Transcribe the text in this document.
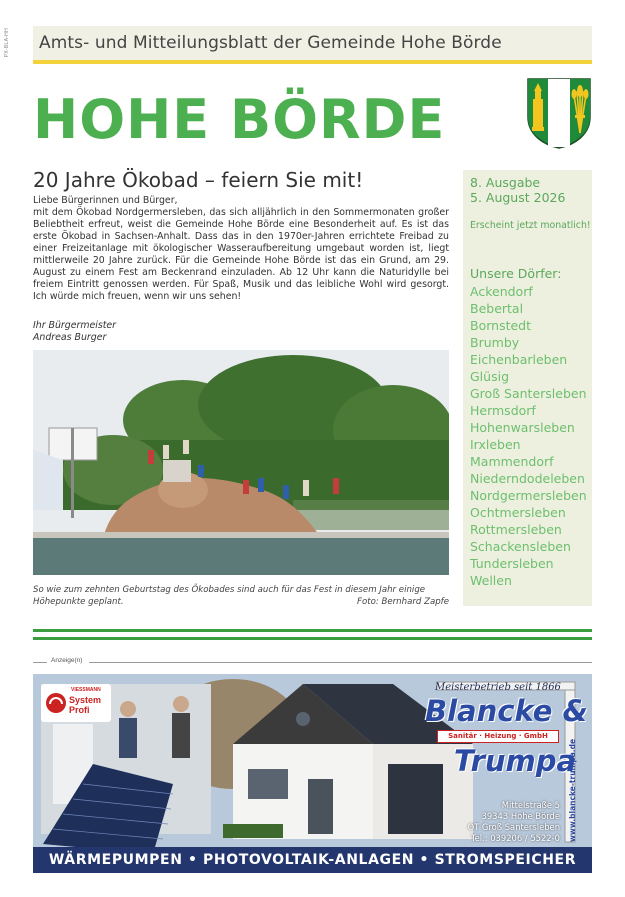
PX-BLA-HH Amts- und Mitteilungsblatt der Gemeinde Hohe Börde
HOHE BÖRDE
20 Jahre Ökobad – feiern Sie mit!

Liebe Bürgerinnen und Bürger,

mit dem Ökobad Nordgermersleben, das sich alljährlich in den Sommermonaten großer Beliebtheit erfreut, weist die Gemeinde Hohe Börde eine Besonderheit auf. Es ist das erste Ökobad in Sachsen-Anhalt. Dass das in den 1970er-Jahren errichtete Freibad zu einer Freizeitanlage mit ökologischer Wasseraufbereitung umgebaut worden ist, liegt mittlerweile 20 Jahre zurück. Für die Gemeinde Hohe Börde ist das ein Grund, am 29. August zu einem Fest am Beckenrand einzuladen. Ab 12 Uhr kann die Naturidylle bei freiem Eintritt genossen werden. Für Spaß, Musik und das leibliche Wohl wird gesorgt. Ich würde mich freuen, wenn wir uns sehen!

Ihr Bürgermeister
Andreas Burger
So wie zum zehnten Geburtstag des Ökobades sind auch für das Fest in diesem Jahr einige
Höhepunkte geplant.	Foto: Bernhard Zapfe
8. Ausgabe
5. August 2026
Erscheint jetzt monatlich!
Unsere Dörfer:
Ackendorf
Bebertal
Bornstedt
Brumby
Eichenbarleben
Glüsig
Groß Santersleben
Hermsdorf
Hohenwarsleben
Irxleben
Mammendorf
Niederndodeleben
Nordgermersleben
Ochtmersleben
Rottmersleben
Schackensleben
Tundersleben
Wellen
Anzeige(n)
VIESSMANN
System
Profi
Meisterbetrieb seit 1866
Blancke &
Sanitär · Heizung · GmbH
Trumpa
Mittelstraße 5
39343 Hohe Börde
OT Groß Santersleben
Tel.: 039206 / 5522-0 www.blancke-trumpa.de
WÄRMEPUMPEN • PHOTOVOLTAIK-ANLAGEN • STROMSPEICHER
